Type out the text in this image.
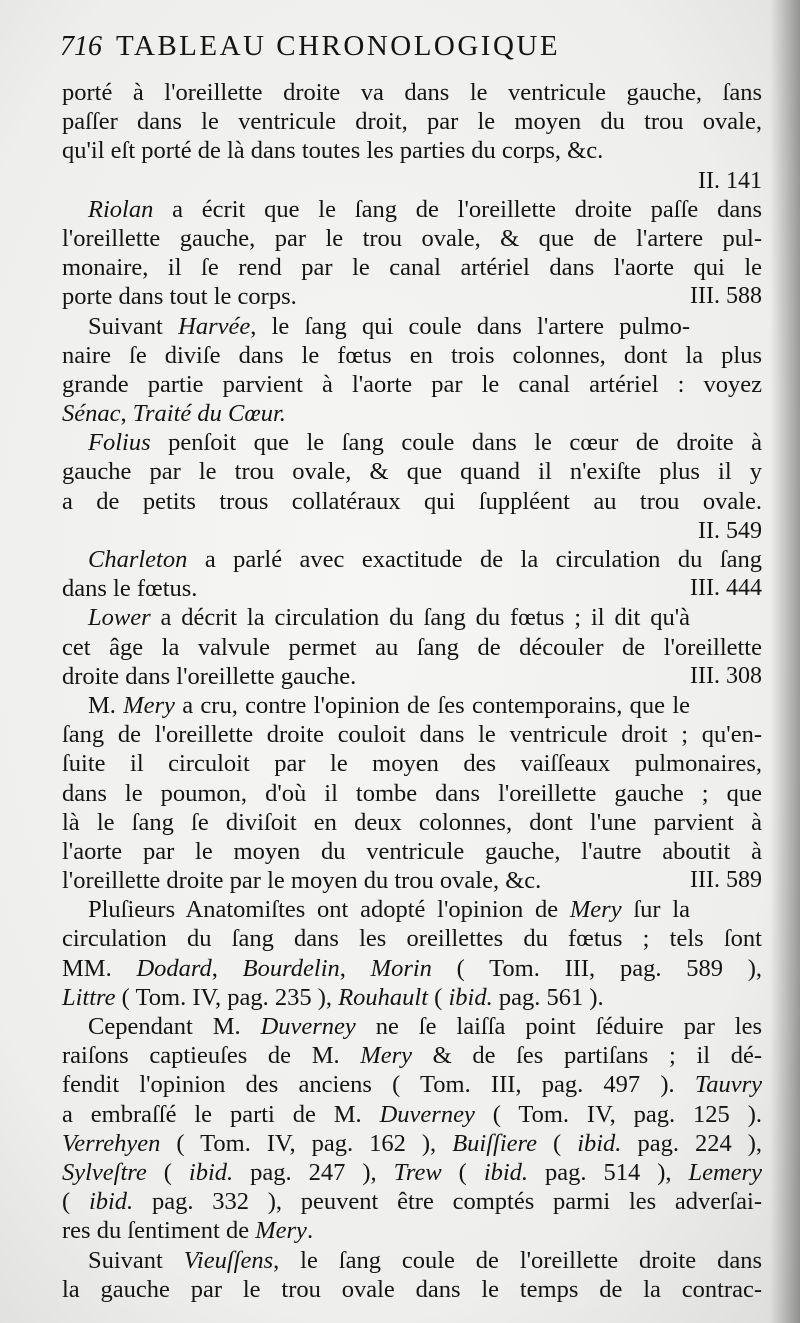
716 TABLEAU CHRONOLOGIQUE
porté à l'oreillette droite va dans le ventricule gauche, ſans
paſſer dans le ventricule droit, par le moyen du trou ovale,
qu'il eſt porté de là dans toutes les parties du corps, &c.
II. 141
Riolan a écrit que le ſang de l'oreillette droite paſſe dans
l'oreillette gauche, par le trou ovale, & que de l'artere pul-
monaire, il ſe rend par le canal artériel dans l'aorte qui le
porte dans tout le corps.	III. 588
Suivant Harvée, le ſang qui coule dans l'artere pulmo-
naire ſe diviſe dans le fœtus en trois colonnes, dont la plus
grande partie parvient à l'aorte par le canal artériel : voyez
Sénac, Traité du Cœur.
Folius penſoit que le ſang coule dans le cœur de droite à
gauche par le trou ovale, & que quand il n'exiſte plus il y
a de petits trous collatéraux qui ſuppléent au trou ovale.
II. 549
Charleton a parlé avec exactitude de la circulation du ſang
dans le fœtus.	III. 444
Lower a décrit la circulation du ſang du fœtus ; il dit qu'à
cet âge la valvule permet au ſang de découler de l'oreillette
droite dans l'oreillette gauche.	III. 308
M. Mery a cru, contre l'opinion de ſes contemporains, que le
ſang de l'oreillette droite couloit dans le ventricule droit ; qu'en-
ſuite il circuloit par le moyen des vaiſſeaux pulmonaires,
dans le poumon, d'où il tombe dans l'oreillette gauche ; que
là le ſang ſe diviſoit en deux colonnes, dont l'une parvient à
l'aorte par le moyen du ventricule gauche, l'autre aboutit à
l'oreillette droite par le moyen du trou ovale, &c.	III. 589
Pluſieurs Anatomiſtes ont adopté l'opinion de Mery ſur la
circulation du ſang dans les oreillettes du fœtus ; tels ſont
MM. Dodard, Bourdelin, Morin ( Tom. III, pag. 589 ),
Littre ( Tom. IV, pag. 235 ), Rouhault ( ibid. pag. 561 ).
Cependant M. Duverney ne ſe laiſſa point ſéduire par les
raiſons captieuſes de M. Mery & de ſes partiſans ; il dé-
fendit l'opinion des anciens ( Tom. III, pag. 497 ). Tauvry
a embraſſé le parti de M. Duverney ( Tom. IV, pag. 125 ).
Verrehyen ( Tom. IV, pag. 162 ), Buiſſiere ( ibid. pag. 224 ),
Sylveſtre ( ibid. pag. 247 ), Trew ( ibid. pag. 514 ), Lemery
( ibid. pag. 332 ), peuvent être comptés parmi les adverſai-
res du ſentiment de Mery.
Suivant Vieuſſens, le ſang coule de l'oreillette droite dans
la gauche par le trou ovale dans le temps de la contrac-
